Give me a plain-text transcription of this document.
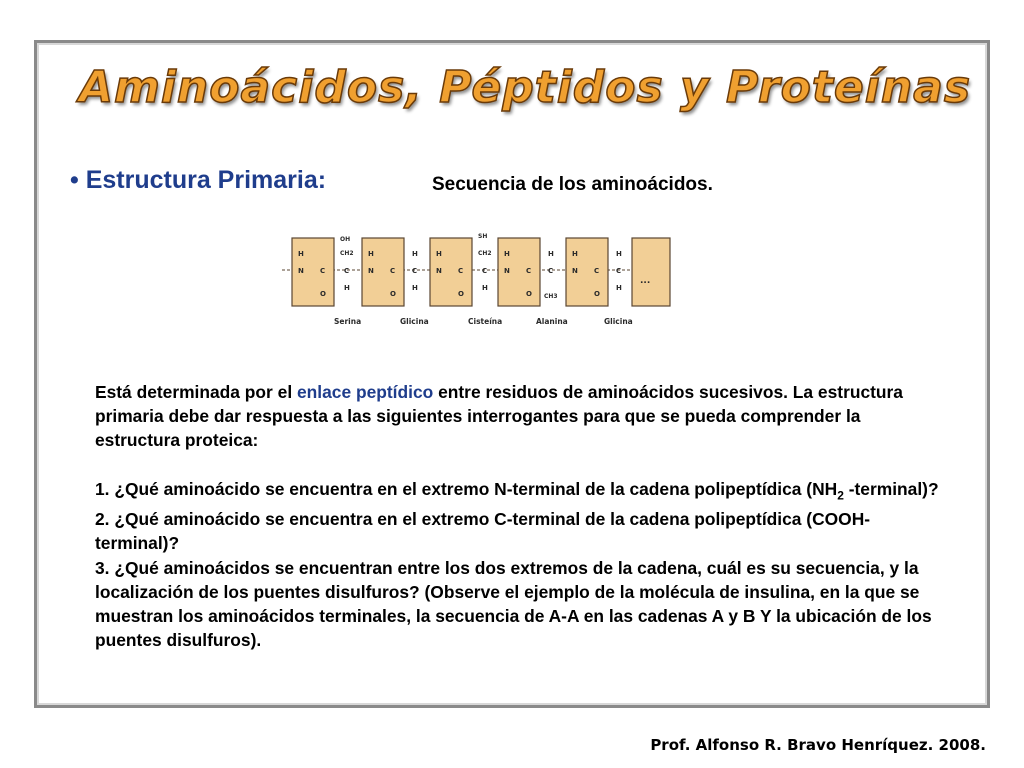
Aminoácidos, Péptidos y Proteínas
• Estructura Primaria:	Secuencia de los aminoácidos.
H
N C
O
OH
CH2
C
H
H
N C
O
H
C
H
H
N C
O
SH
CH2
C
H
H
N C
O
H
C
CH3
H
N C
O
H
C
H
...
Serina	Glicina	Cisteína	Alanina	Glicina

Está determinada por el enlace peptídico entre residuos de aminoácidos sucesivos. La estructura primaria debe dar respuesta a las siguientes interrogantes para que se pueda comprender la estructura proteica:

1. ¿Qué aminoácido se encuentra en el extremo N-terminal de la cadena polipeptídica ($NH_2$ -terminal)?

2. ¿Qué aminoácido se encuentra en el extremo C-terminal de la cadena polipeptídica (COOH-terminal)?

3. ¿Qué aminoácidos se encuentran entre los dos extremos de la cadena, cuál es su secuencia, y la localización de los puentes disulfuros? (Observe el ejemplo de la molécula de insulina, en la que se muestran los aminoácidos terminales, la secuencia de A-A en las cadenas A y B Y la ubicación de los puentes disulfuros).

Prof. Alfonso R. Bravo Henríquez. 2008.
